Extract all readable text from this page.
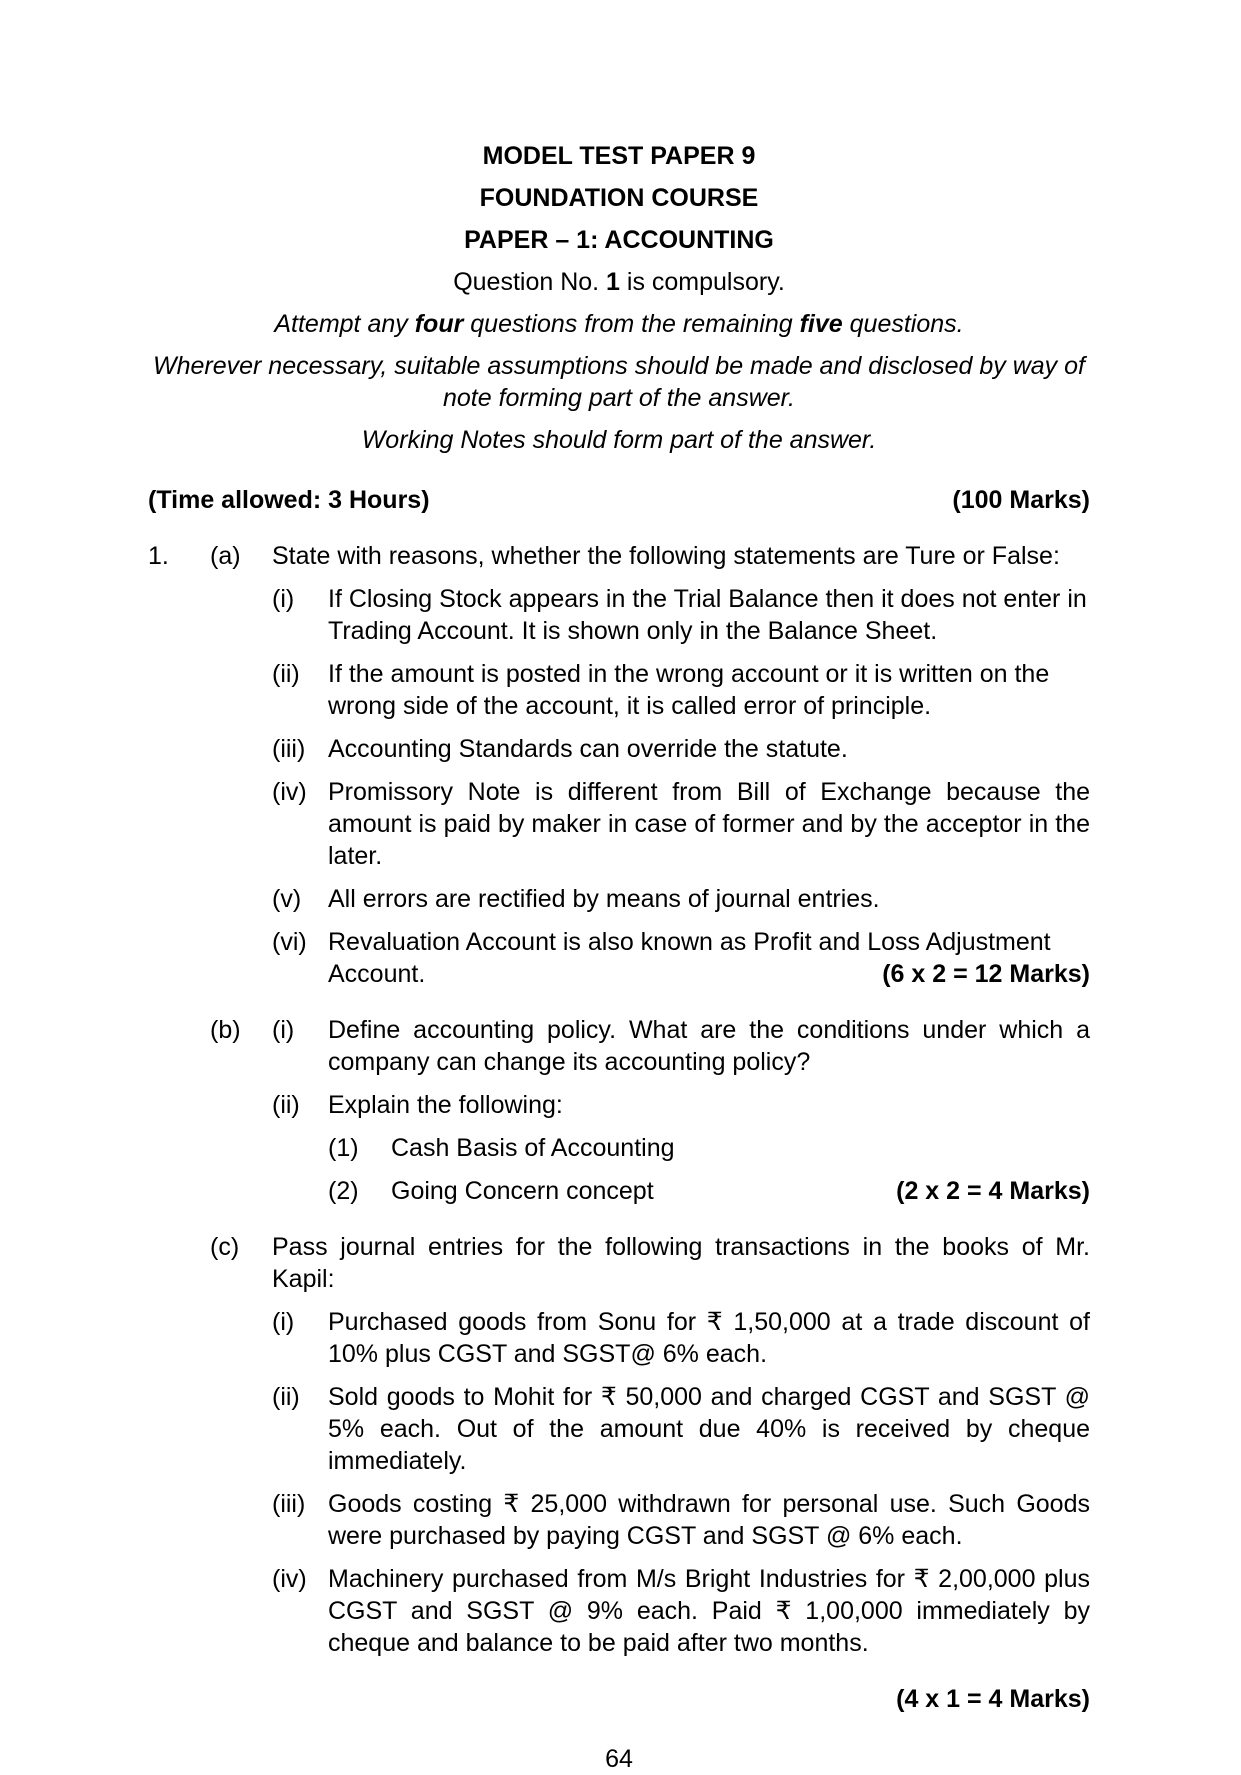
MODEL TEST PAPER 9

FOUNDATION COURSE

PAPER – 1: ACCOUNTING

Question No. 1 is compulsory.

Attempt any four questions from the remaining five questions.

Wherever necessary, suitable assumptions should be made and disclosed by way of note forming part of the answer.

Working Notes should form part of the answer.

(Time allowed: 3 Hours)	(100 Marks)
1.	(a)	State with reasons, whether the following statements are Ture or False:

(i)	If Closing Stock appears in the Trial Balance then it does not enter in Trading Account. It is shown only in the Balance Sheet.

(ii)	If the amount is posted in the wrong account or it is written on the wrong side of the account, it is called error of principle.

(iii) Accounting Standards can override the statute.

(iv) Promissory Note is different from Bill of Exchange because the amount is paid by maker in case of former and by the acceptor in the later.

(v)	All errors are rectified by means of journal entries.

(vi) Revaluation Account is also known as Profit and Loss Adjustment Account.	(6 x 2 = 12 Marks)

(b)	(i)	Define accounting policy. What are the conditions under which a company can change its accounting policy?

(ii)	Explain the following:

(1)	Cash Basis of Accounting

(2)	Going Concern concept	(2 x 2 = 4 Marks)

(c)	Pass journal entries for the following transactions in the books of Mr. Kapil:

(i)	Purchased goods from Sonu for ₹ 1,50,000 at a trade discount of 10% plus CGST and SGST@ 6% each.

(ii)	Sold goods to Mohit for ₹ 50,000 and charged CGST and SGST @ 5% each. Out of the amount due 40% is received by cheque immediately.

(iii) Goods costing ₹ 25,000 withdrawn for personal use. Such Goods were purchased by paying CGST and SGST @ 6% each.

(iv) Machinery purchased from M/s Bright Industries for ₹ 2,00,000 plus CGST and SGST @ 9% each. Paid ₹ 1,00,000 immediately by cheque and balance to be paid after two months.

(4 x 1 = 4 Marks)
64
